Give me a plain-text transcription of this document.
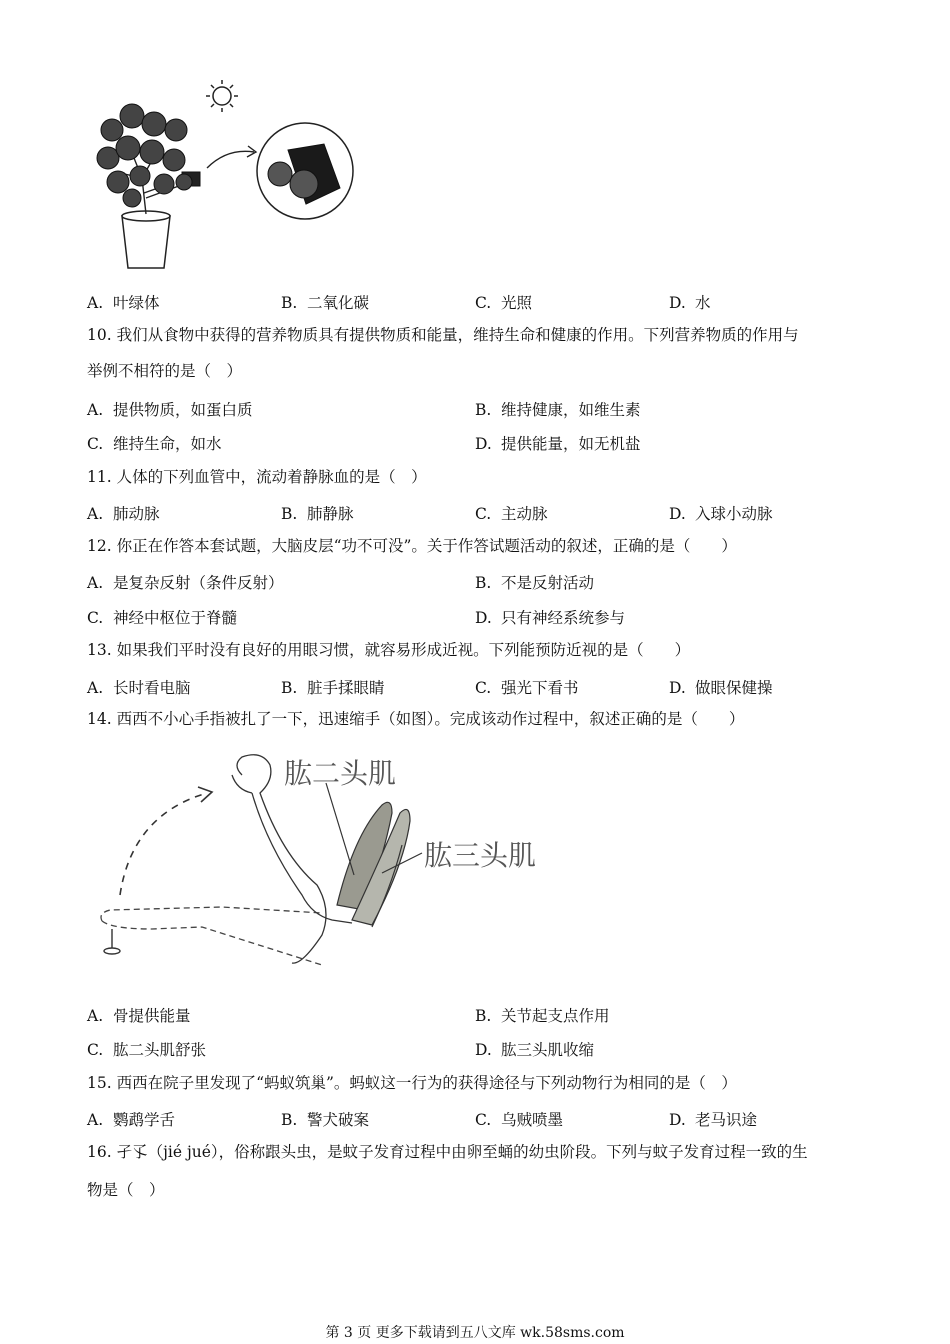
A. 叶绿体	B. 二氧化碳	C. 光照	D. 水
10. 我们从食物中获得的营养物质具有提供物质和能量，维持生命和健康的作用。下列营养物质的作用与
举例不相符的是（　）
A. 提供物质，如蛋白质	B. 维持健康，如维生素
C. 维持生命，如水	D. 提供能量，如无机盐
11. 人体的下列血管中，流动着静脉血的是（　）
A. 肺动脉	B. 肺静脉	C. 主动脉	D. 入球小动脉
12. 你正在作答本套试题，大脑皮层“功不可没”。关于作答试题活动的叙述，正确的是（　　）
A. 是复杂反射（条件反射）	B. 不是反射活动
C. 神经中枢位于脊髓	D. 只有神经系统参与
13. 如果我们平时没有良好的用眼习惯，就容易形成近视。下列能预防近视的是（　　）
A. 长时看电脑	B. 脏手揉眼睛	C. 强光下看书	D. 做眼保健操
14. 西西不小心手指被扎了一下，迅速缩手（如图）。完成该动作过程中，叙述正确的是（　　）
肱二头肌
肱三头肌
A. 骨提供能量	B. 关节起支点作用
C. 肱二头肌舒张	D. 肱三头肌收缩
15. 西西在院子里发现了“蚂蚁筑巢”。蚂蚁这一行为的获得途径与下列动物行为相同的是（　）
A. 鹦鹉学舌	B. 警犬破案	C. 乌贼喷墨	D. 老马识途
16. 孑孓（jié jué），俗称跟头虫，是蚊子发育过程中由卵至蛹的幼虫阶段。下列与蚊子发育过程一致的生
物是（　）
第 3 页 更多下载请到五八文库 wk.58sms.com
